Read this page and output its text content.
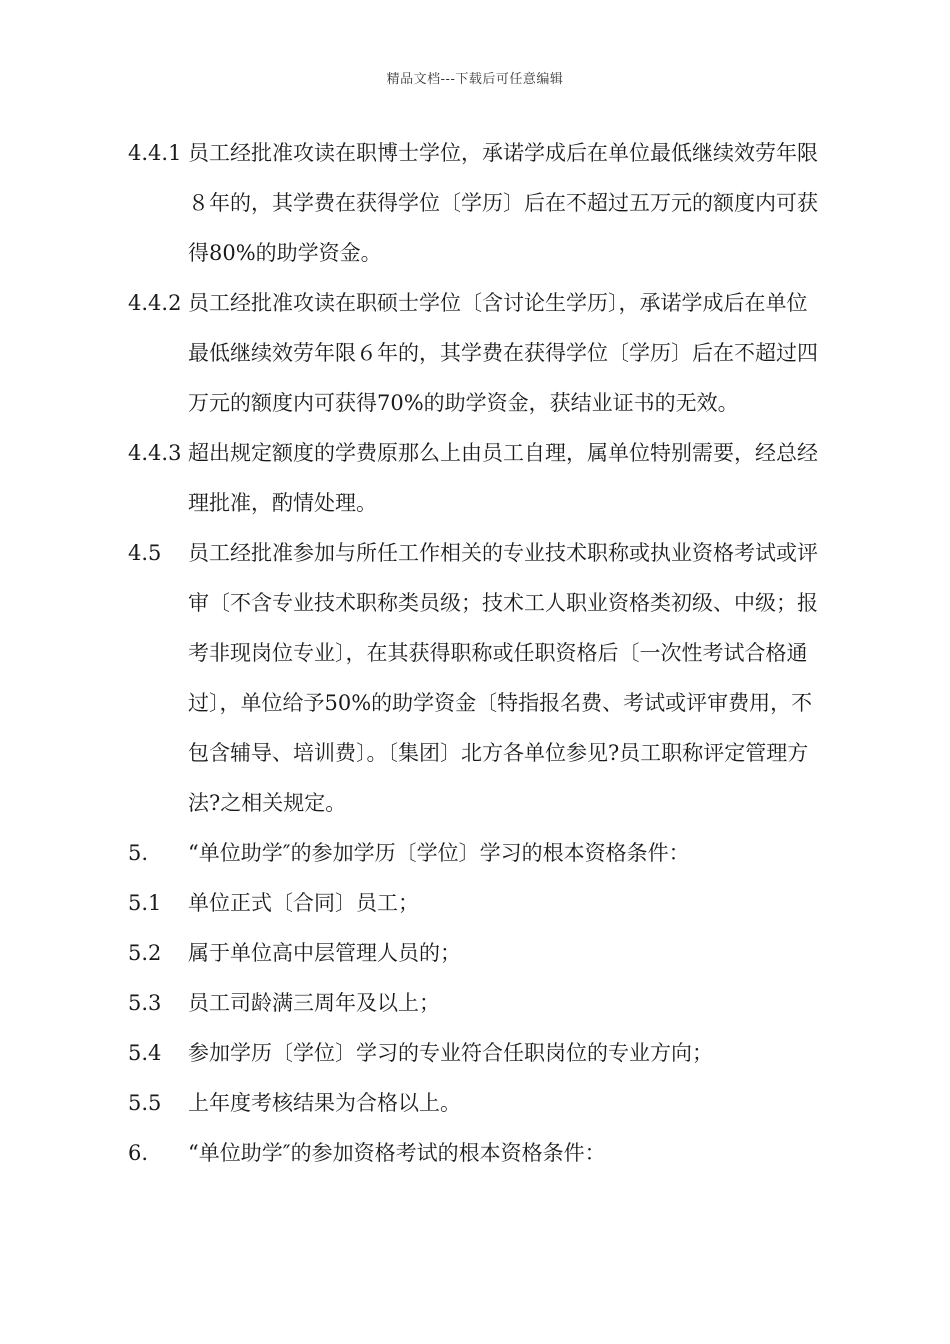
精品文档---下载后可任意编辑
4.4.1 员工经批准攻读在职博士学位，承诺学成后在单位最低继续效劳年限８年的，其学费在获得学位〔学历〕后在不超过五万元的额度内可获得80%的助学资金。
4.4.2 员工经批准攻读在职硕士学位〔含讨论生学历〕，承诺学成后在单位最低继续效劳年限６年的，其学费在获得学位〔学历〕后在不超过四万元的额度内可获得70%的助学资金，获结业证书的无效。
4.4.3 超出规定额度的学费原那么上由员工自理，属单位特别需要，经总经理批准，酌情处理。
4.5 员工经批准参加与所任工作相关的专业技术职称或执业资格考试或评审〔不含专业技术职称类员级；技术工人职业资格类初级、中级；报考非现岗位专业〕，在其获得职称或任职资格后〔一次性考试合格通过〕，单位给予50%的助学资金〔特指报名费、考试或评审费用，不包含辅导、培训费〕。〔集团〕北方各单位参见?员工职称评定管理方法?之相关规定。
5. “单位助学″的参加学历〔学位〕学习的根本资格条件：
5.1 单位正式〔合同〕员工；
5.2 属于单位高中层管理人员的；
5.3 员工司龄满三周年及以上；
5.4 参加学历〔学位〕学习的专业符合任职岗位的专业方向；
5.5 上年度考核结果为合格以上。
6. “单位助学″的参加资格考试的根本资格条件：
